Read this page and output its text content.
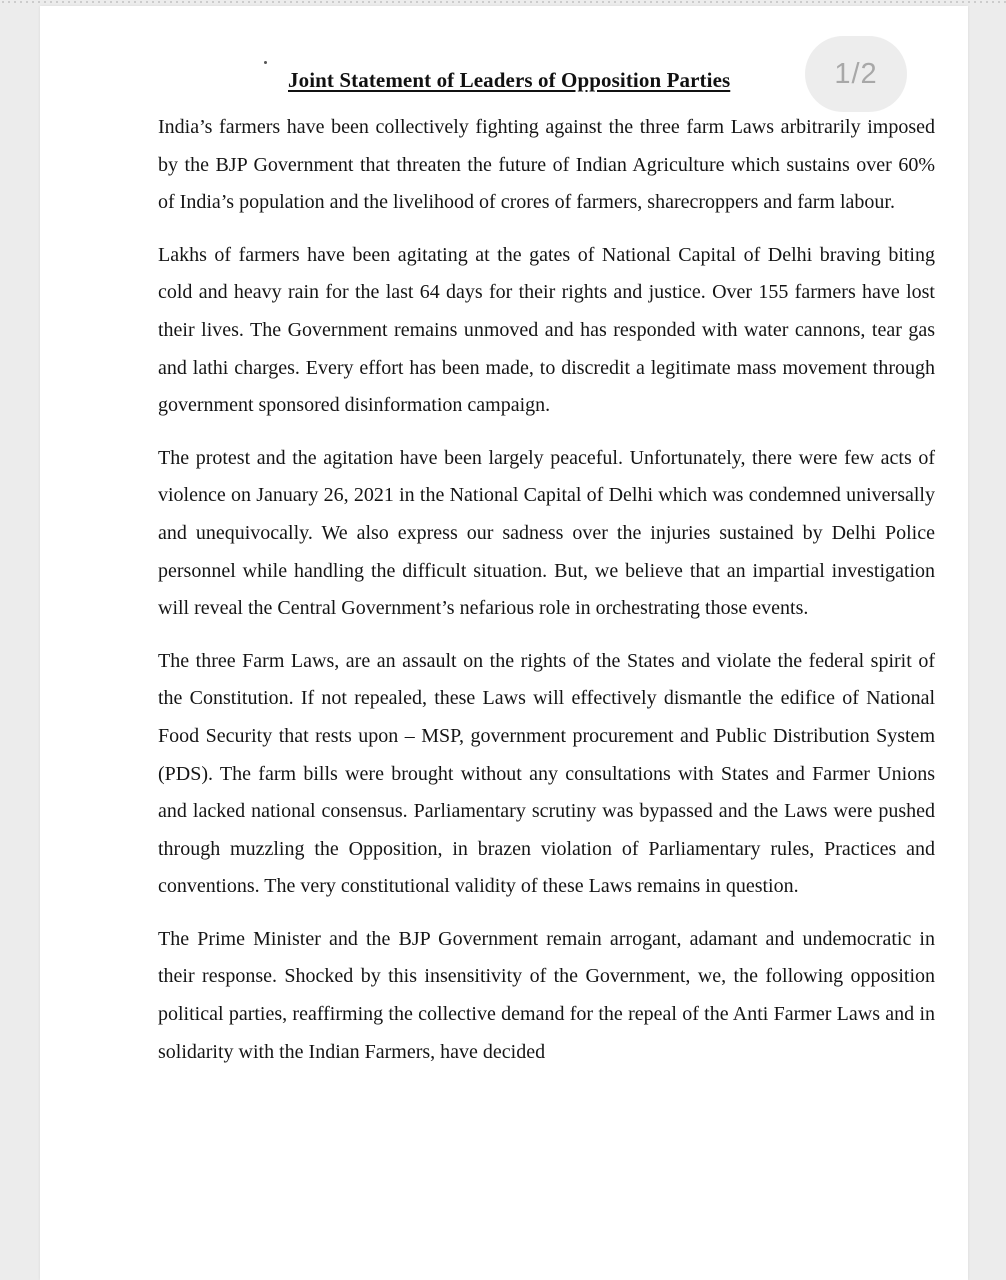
Joint Statement of Leaders of Opposition Parties	1/2

India’s farmers have been collectively fighting against the three farm Laws arbitrarily imposed by the BJP Government that threaten the future of Indian Agriculture which sustains over 60% of India’s population and the livelihood of crores of farmers, sharecroppers and farm labour.

Lakhs of farmers have been agitating at the gates of National Capital of Delhi braving biting cold and heavy rain for the last 64 days for their rights and justice. Over 155 farmers have lost their lives. The Government remains unmoved and has responded with water cannons, tear gas and lathi charges. Every effort has been made, to discredit a legitimate mass movement through government sponsored disinformation campaign.

The protest and the agitation have been largely peaceful. Unfortunately, there were few acts of violence on January 26, 2021 in the National Capital of Delhi which was condemned universally and unequivocally. We also express our sadness over the injuries sustained by Delhi Police personnel while handling the difficult situation. But, we believe that an impartial investigation will reveal the Central Government’s nefarious role in orchestrating those events.

The three Farm Laws, are an assault on the rights of the States and violate the federal spirit of the Constitution. If not repealed, these Laws will effectively dismantle the edifice of National Food Security that rests upon – MSP, government procurement and Public Distribution System (PDS). The farm bills were brought without any consultations with States and Farmer Unions and lacked national consensus. Parliamentary scrutiny was bypassed and the Laws were pushed through muzzling the Opposition, in brazen violation of Parliamentary rules, Practices and conventions. The very constitutional validity of these Laws remains in question.

The Prime Minister and the BJP Government remain arrogant, adamant and undemocratic in their response. Shocked by this insensitivity of the Government, we, the following opposition political parties, reaffirming the collective demand for the repeal of the Anti Farmer Laws and in solidarity with the Indian Farmers, have decided
